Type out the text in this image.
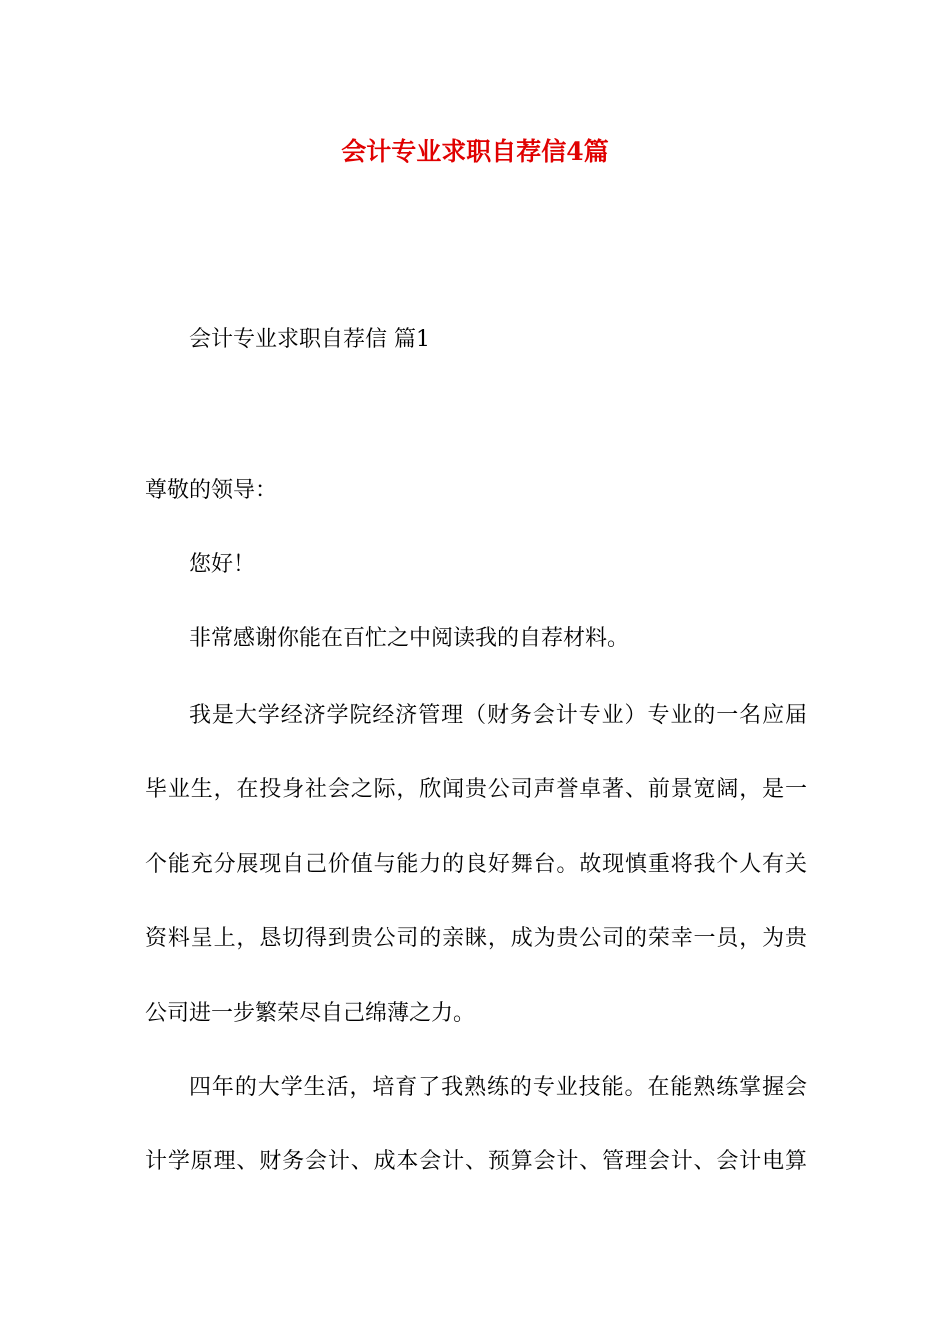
会计专业求职自荐信4篇

会计专业求职自荐信 篇1

尊敬的领导：

您好！

非常感谢你能在百忙之中阅读我的自荐材料。

我是大学经济学院经济管理（财务会计专业）专业的一名应届

毕业生，在投身社会之际，欣闻贵公司声誉卓著、前景宽阔，是一

个能充分展现自己价值与能力的良好舞台。故现慎重将我个人有关

资料呈上，恳切得到贵公司的亲睐，成为贵公司的荣幸一员，为贵

公司进一步繁荣尽自己绵薄之力。

四年的大学生活，培育了我熟练的专业技能。在能熟练掌握会

计学原理、财务会计、成本会计、预算会计、管理会计、会计电算
